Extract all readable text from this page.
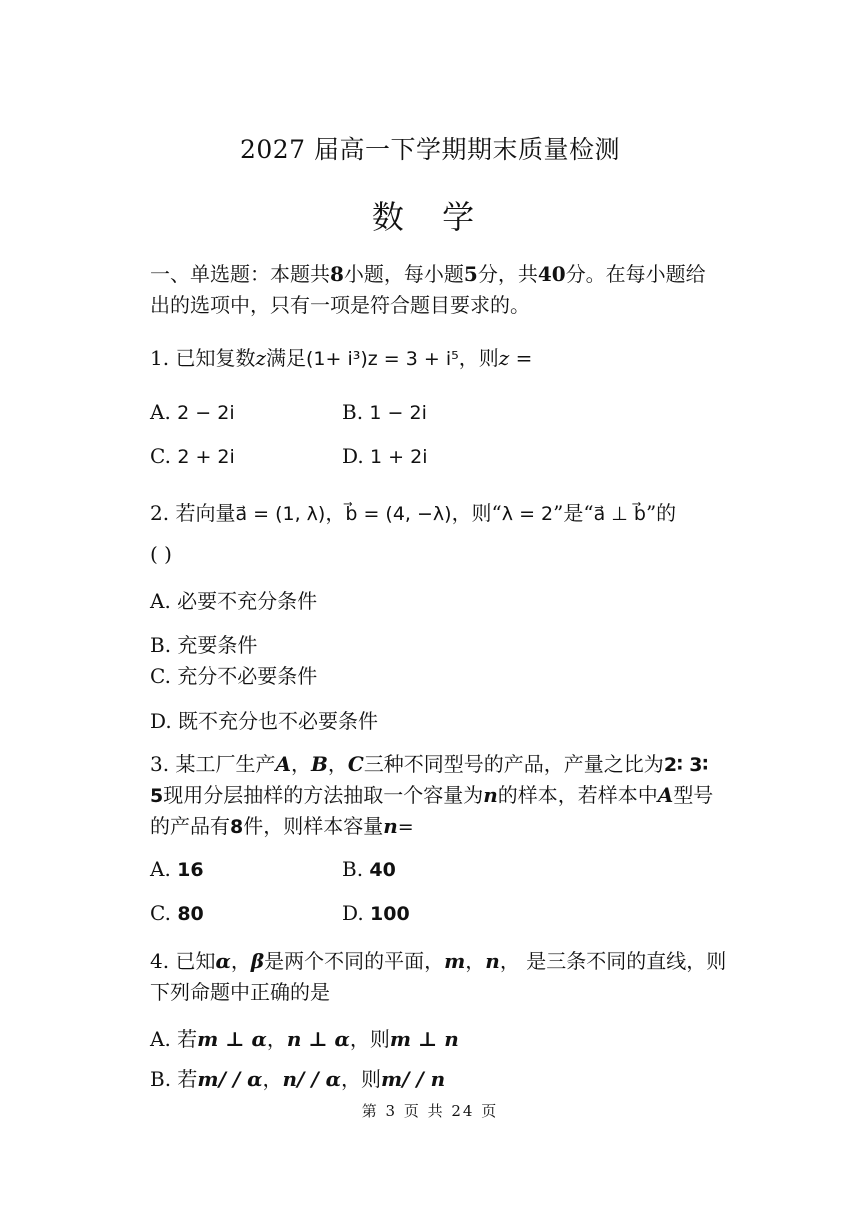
2027 届高一下学期期末质量检测
数 学
一、单选题：本题共8小题，每小题5分，共40分。在每小题给
出的选项中，只有一项是符合题目要求的。
1. 已知复数z满足(1+ i³)z = 3 + i⁵，则z =
A. 2 − 2i	B. 1 − 2i
C. 2 + 2i	D. 1 + 2i
2. 若向量a⃗ = (1, λ)，b⃗ = (4, −λ)，则“λ = 2”是“a⃗ ⊥ b⃗”的
( )
A. 必要不充分条件
B. 充要条件
C. 充分不必要条件
D. 既不充分也不必要条件
3. 某工厂生产A，B，C三种不同型号的产品，产量之比为2∶ 3∶
5现用分层抽样的方法抽取一个容量为n的样本，若样本中A型号
的产品有8件，则样本容量n=
A. 16	B. 40
C. 80	D. 100
4. 已知α，β是两个不同的平面，m，n， 是三条不同的直线，则
下列命题中正确的是
A. 若m ⊥ α，n ⊥ α，则m ⊥ n
B. 若m/ / α，n/ / α，则m/ / n
第 3 页 共 24 页
